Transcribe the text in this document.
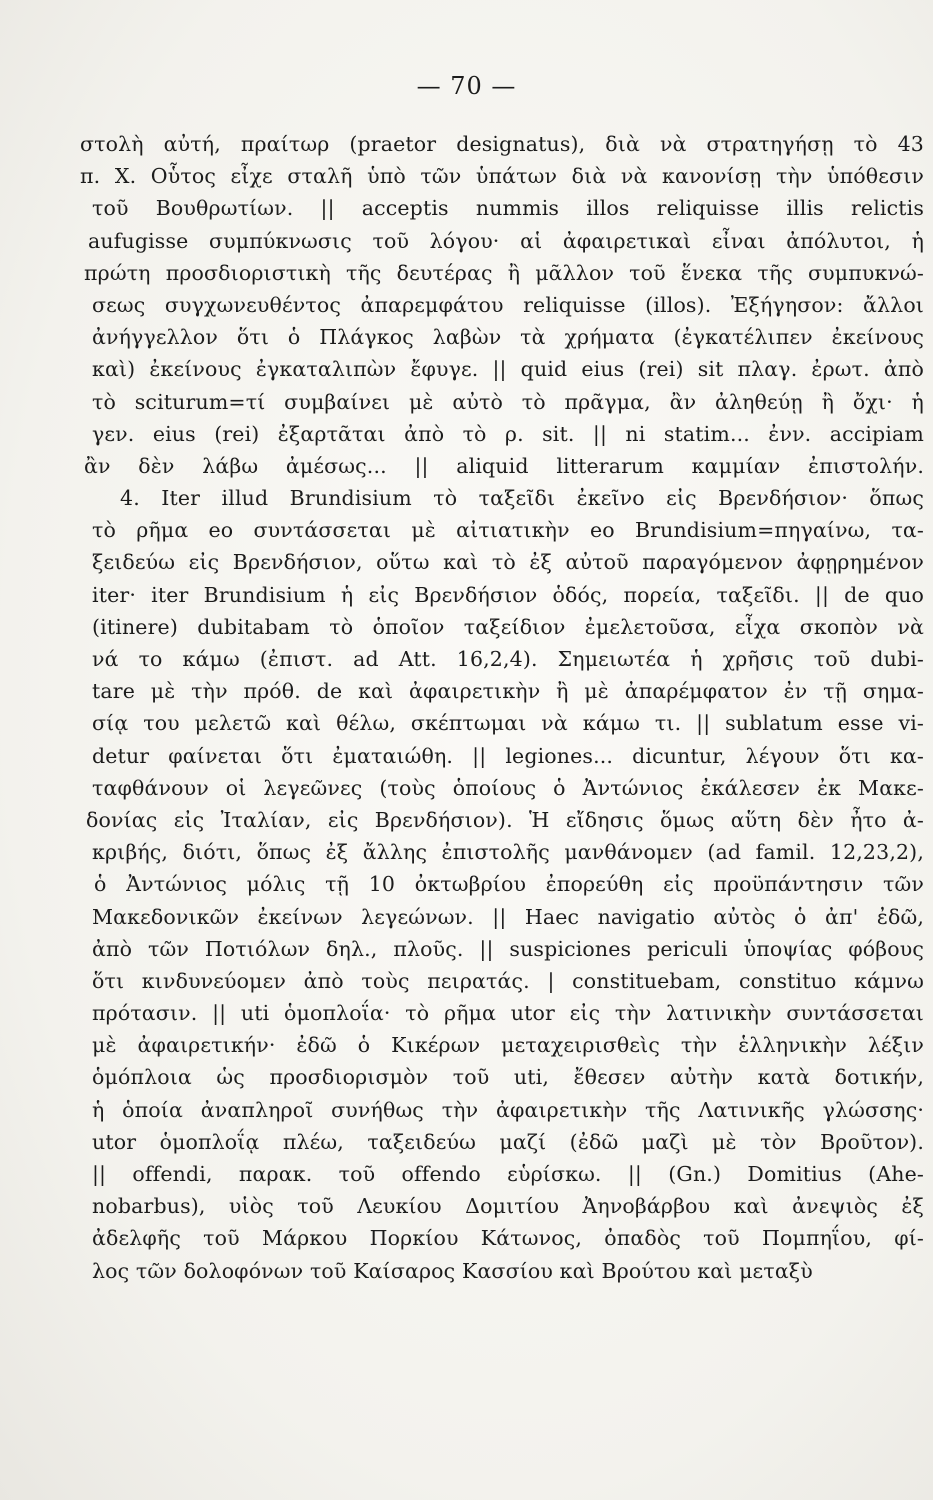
— 70 —
στολὴ αὐτή, πραίτωρ (praetor designatus), διὰ νὰ στρατηγήσῃ τὸ 43
π. Χ. Οὗτος εἶχε σταλῆ ὑπὸ τῶν ὑπάτων διὰ νὰ κανονίσῃ τὴν ὑπόθεσιν
τοῦ Βουθρωτίων. || acceptis nummis illos reliquisse illis relictis
aufugisse συμπύκνωσις τοῦ λόγου· αἱ ἀφαιρετικαὶ εἶναι ἀπόλυτοι, ἡ
πρώτη προσδιοριστικὴ τῆς δευτέρας ἢ μᾶλλον τοῦ ἕνεκα τῆς συμπυκνώ-
σεως συγχωνευθέντος ἀπαρεμφάτου reliquisse (illos). Ἐξήγησον: ἄλλοι
ἀνήγγελλον ὅτι ὁ Πλάγκος λαβὼν τὰ χρήματα (ἐγκατέλιπεν ἐκείνους
καὶ) ἐκείνους ἐγκαταλιπὼν ἔφυγε. || quid eius (rei) sit πλαγ. ἐρωτ. ἀπὸ
τὸ sciturum=τί συμβαίνει μὲ αὐτὸ τὸ πρᾶγμα, ἂν ἀληθεύῃ ἢ ὄχι· ἡ
γεν. eius (rei) ἐξαρτᾶται ἀπὸ τὸ ρ. sit. || ni statim... ἐνν. accipiam
ἂν δὲν λάβω ἀμέσως... || aliquid litterarum καμμίαν ἐπιστολήν.
4. Iter illud Brundisium τὸ ταξεῖδι ἐκεῖνο εἰς Βρενδήσιον· ὅπως
τὸ ρῆμα eo συντάσσεται μὲ αἰτιατικὴν eo Brundisium=πηγαίνω, τα-
ξειδεύω εἰς Βρενδήσιον, οὕτω καὶ τὸ ἐξ αὐτοῦ παραγόμενον ἀφῃρημένον
iter· iter Brundisium ἡ εἰς Βρενδήσιον ὁδός, πορεία, ταξεῖδι. || de quo
(itinere) dubitabam τὸ ὁποῖον ταξείδιον ἐμελετοῦσα, εἶχα σκοπὸν νὰ
νά το κάμω (ἐπιστ. ad Att. 16,2,4). Σημειωτέα ἡ χρῆσις τοῦ dubi-
tare μὲ τὴν πρόθ. de καὶ ἀφαιρετικὴν ἢ μὲ ἀπαρέμφατον ἐν τῇ σημα-
σίᾳ του μελετῶ καὶ θέλω, σκέπτωμαι νὰ κάμω τι. || sublatum esse vi-
detur φαίνεται ὅτι ἐματαιώθη. || legiones... dicuntur, λέγουν ὅτι κα-
ταφθάνουν οἱ λεγεῶνες (τοὺς ὁποίους ὁ Ἀντώνιος ἐκάλεσεν ἐκ Μακε-
δονίας εἰς Ἰταλίαν, εἰς Βρενδήσιον). Ἡ εἴδησις ὅμως αὕτη δὲν ἦτο ἀ-
κριβής, διότι, ὅπως ἐξ ἄλλης ἐπιστολῆς μανθάνομεν (ad famil. 12,23,2),
ὁ Ἀντώνιος μόλις τῇ 10 ὀκτωβρίου ἐπορεύθη εἰς προϋπάντησιν τῶν
Μακεδονικῶν ἐκείνων λεγεώνων. || Haec navigatio αὐτὸς ὁ ἀπ' ἐδῶ,
ἀπὸ τῶν Ποτιόλων δηλ., πλοῦς. || suspiciones periculi ὑποψίας φόβους
ὅτι κινδυνεύομεν ἀπὸ τοὺς πειρατάς. | constituebam, constituo κάμνω
πρότασιν. || uti ὁμοπλοΐα· τὸ ρῆμα utor εἰς τὴν λατινικὴν συντάσσεται
μὲ ἀφαιρετικήν· ἐδῶ ὁ Κικέρων μεταχειρισθεὶς τὴν ἑλληνικὴν λέξιν
ὁμόπλοια ὡς προσδιορισμὸν τοῦ uti, ἔθεσεν αὐτὴν κατὰ δοτικήν,
ἡ ὁποία ἀναπληροῖ συνήθως τὴν ἀφαιρετικὴν τῆς Λατινικῆς γλώσσης·
utor ὁμοπλοΐᾳ πλέω, ταξειδεύω μαζί (ἐδῶ μαζὶ μὲ τὸν Βροῦτον).
|| offendi, παρακ. τοῦ offendo εὑρίσκω. || (Gn.) Domitius (Ahe-
nobarbus), υἱὸς τοῦ Λευκίου Δομιτίου Ἀηνοβάρβου καὶ ἀνεψιὸς ἐξ
ἀδελφῆς τοῦ Μάρκου Πορκίου Κάτωνος, ὀπαδὸς τοῦ Πομπηΐου, φί-
λος τῶν δολοφόνων τοῦ Καίσαρος Κασσίου καὶ Βρούτου καὶ μεταξὺ
